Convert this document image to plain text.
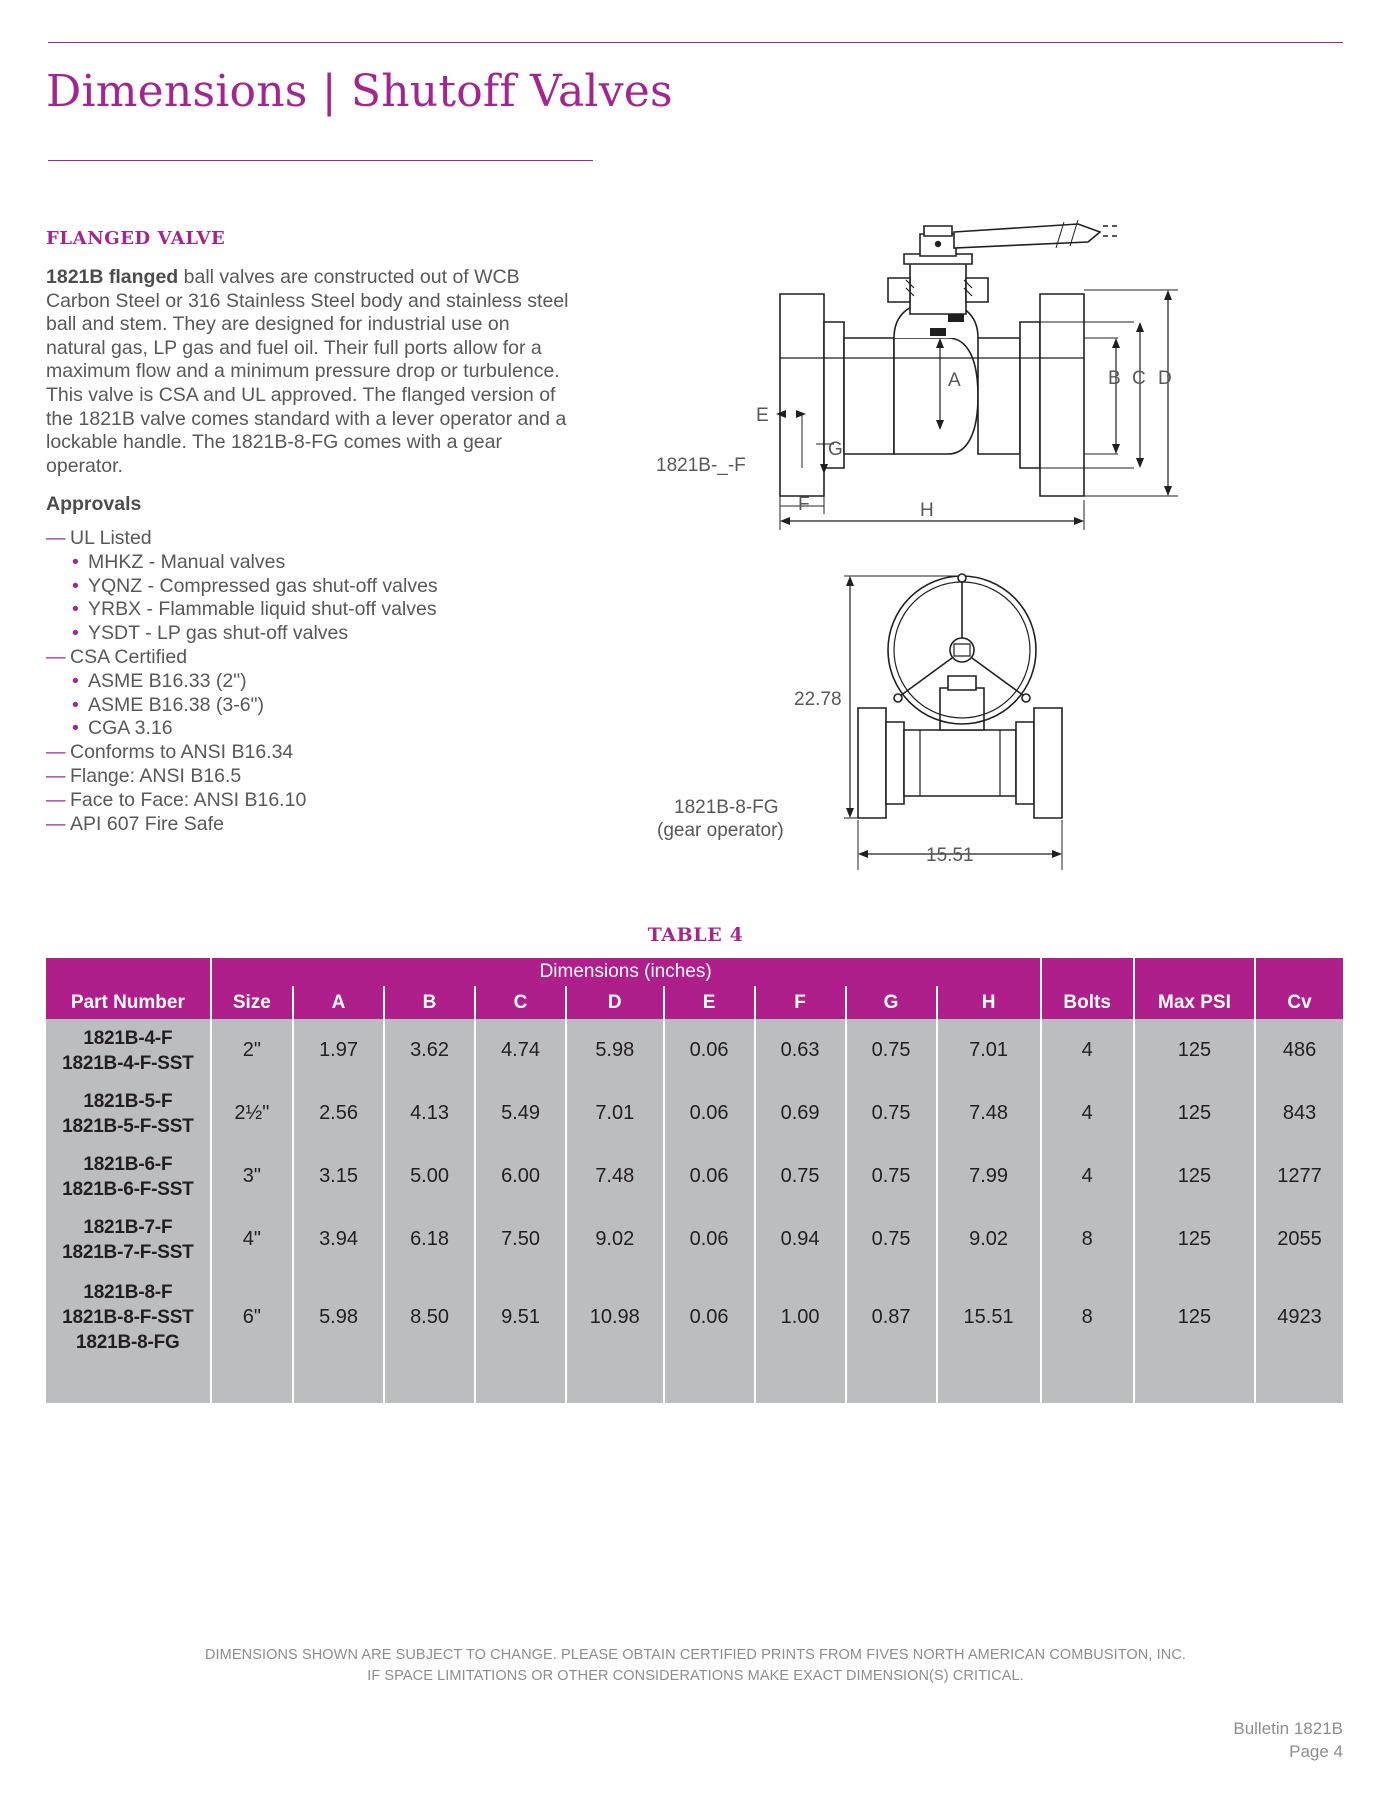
Dimensions | Shutoff Valves
FLANGED VALVE
1821B flanged ball valves are constructed out of WCB Carbon Steel or 316 Stainless Steel body and stainless steel ball and stem. They are designed for industrial use on natural gas, LP gas and fuel oil. Their full ports allow for a maximum flow and a minimum pressure drop or turbulence. This valve is CSA and UL approved. The flanged version of the 1821B valve comes standard with a lever operator and a lockable handle. The 1821B-8-FG comes with a gear operator.
Approvals
— UL Listed
• MHKZ - Manual valves
• YQNZ - Compressed gas shut-off valves
• YRBX - Flammable liquid shut-off valves
• YSDT - LP gas shut-off valves
— CSA Certified
• ASME B16.33 (2")
• ASME B16.38 (3-6")
• CGA 3.16
— Conforms to ANSI B16.34
— Flange: ANSI B16.5
— Face to Face: ANSI B16.10
— API 607 Fire Safe
A	B C D
E
F
G
H
1821B-_-F
22.78
15.51
1821B-8-FG
(gear operator)
TABLE 4
	Dimensions (inches)											
Part Number	Size	A	B	C	D	E	F	G	H	Bolts	Max PSI	Cv

1821B-4-F
1821B-4-F-SST	2"	1.97	3.62	4.74	5.98	0.06	0.63	0.75	7.01	4	125	486

1821B-5-F
1821B-5-F-SST	2½"	2.56	4.13	5.49	7.01	0.06	0.69	0.75	7.48	4	125	843

1821B-6-F
1821B-6-F-SST	3"	3.15	5.00	6.00	7.48	0.06	0.75	0.75	7.99	4	125	1277

1821B-7-F
1821B-7-F-SST	4"	3.94	6.18	7.50	9.02	0.06	0.94	0.75	9.02	8	125	2055

1821B-8-F
1821B-8-F-SST
1821B-8-FG	6"	5.98	8.50	9.51	10.98	0.06	1.00	0.87	15.51	8	125	4923

DIMENSIONS SHOWN ARE SUBJECT TO CHANGE. PLEASE OBTAIN CERTIFIED PRINTS FROM FIVES NORTH AMERICAN COMBUSITON, INC.
IF SPACE LIMITATIONS OR OTHER CONSIDERATIONS MAKE EXACT DIMENSION(S) CRITICAL.
Bulletin 1821B
Page 4
